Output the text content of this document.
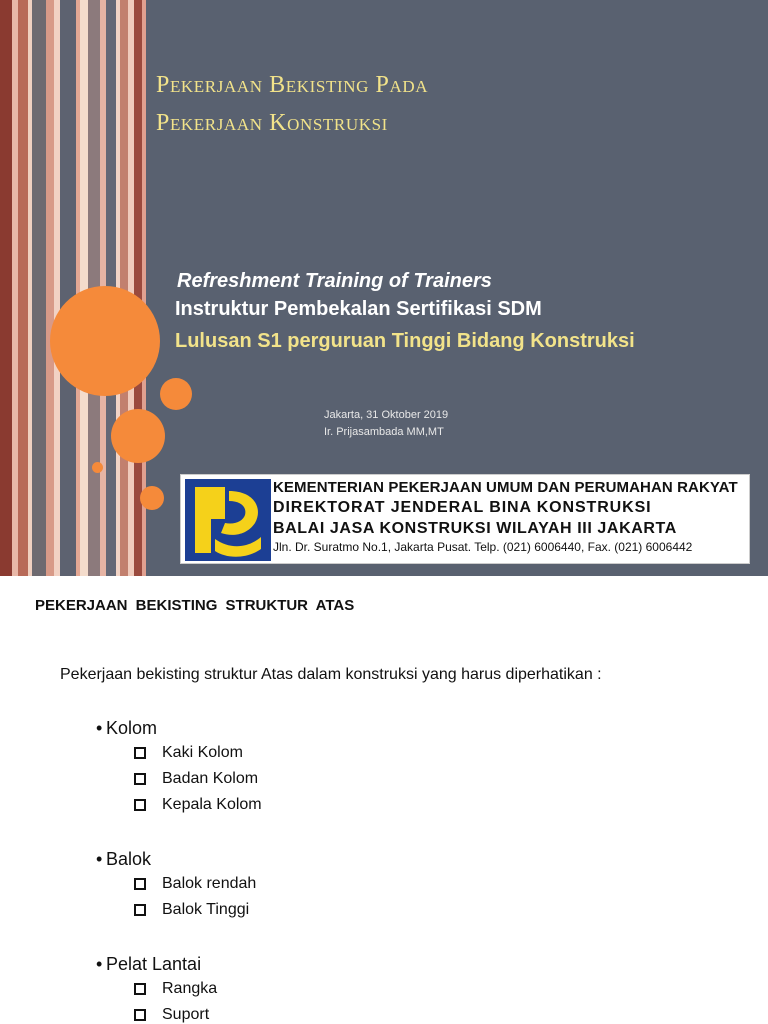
Pekerjaan Bekisting Pada
Pekerjaan Konstruksi
Refreshment Training of Trainers
Instruktur Pembekalan Sertifikasi SDM
Lulusan S1 perguruan Tinggi Bidang Konstruksi
Jakarta, 31 Oktober 2019
Ir. Prijasambada MM,MT
KEMENTERIAN PEKERJAAN UMUM DAN PERUMAHAN RAKYAT
DIREKTORAT JENDERAL BINA KONSTRUKSI
BALAI JASA KONSTRUKSI WILAYAH III JAKARTA
Jln. Dr. Suratmo No.1, Jakarta Pusat. Telp. (021) 6006440, Fax. (021) 6006442
PEKERJAAN BEKISTING STRUKTUR ATAS
Pekerjaan bekisting struktur Atas dalam konstruksi yang harus diperhatikan :
• Kolom
Kaki Kolom
Badan Kolom
Kepala Kolom
• Balok
Balok rendah
Balok Tinggi
• Pelat Lantai
Rangka
Suport
